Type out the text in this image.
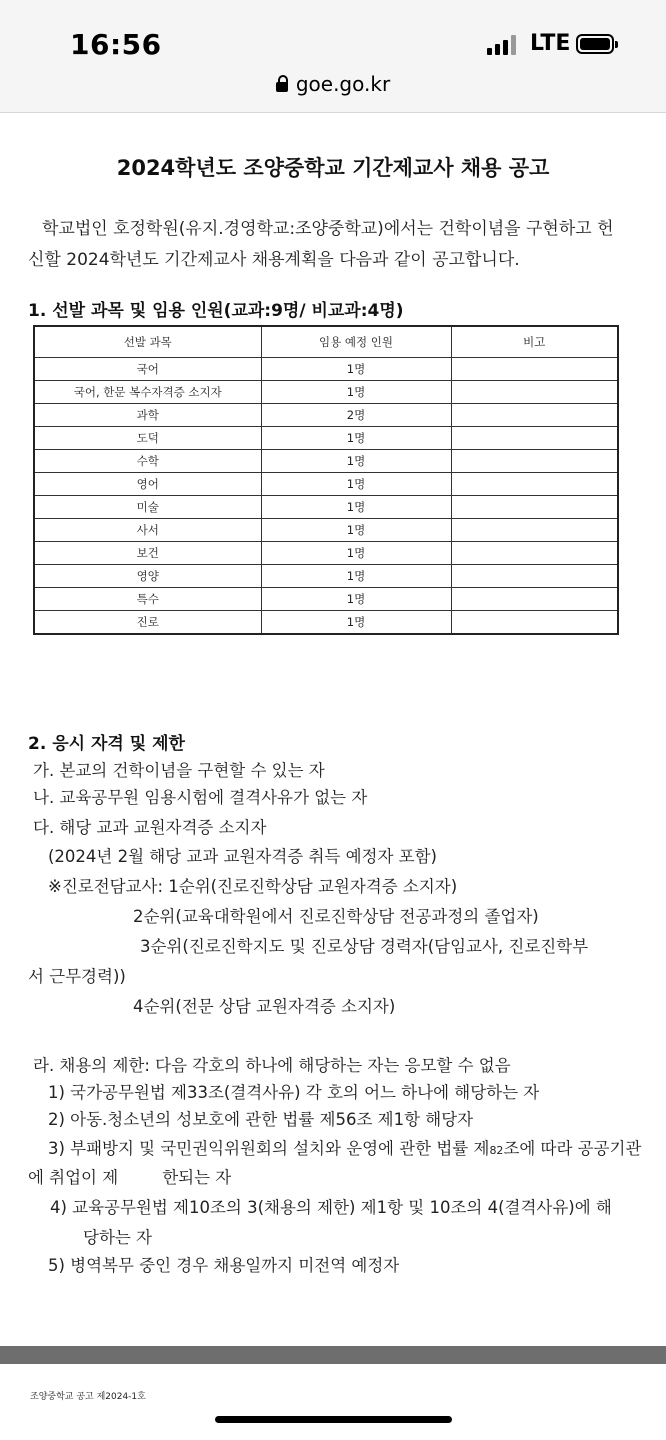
16:56	LTE
goe.go.kr
2024학년도 조양중학교 기간제교사 채용 공고
학교법인 호정학원(유지.경영학교:조양중학교)에서는 건학이념을 구현하고 헌
신할 2024학년도 기간제교사 채용계획을 다음과 같이 공고합니다.
1. 선발 과목 및 임용 인원(교과:9명/ 비교과:4명)
선발 과목	임용 예정 인원	비고
국어	1명	
국어, 한문 복수자격증 소지자	1명	
과학	2명	
도덕	1명	
수학	1명	
영어	1명	
미술	1명	
사서	1명	
보건	1명	
영양	1명	
특수	1명	
진로	1명	
2. 응시 자격 및 제한
가. 본교의 건학이념을 구현할 수 있는 자
나. 교육공무원 임용시험에 결격사유가 없는 자
다. 해당 교과 교원자격증 소지자
(2024년 2월 해당 교과 교원자격증 취득 예정자 포함)
※진로전담교사: 1순위(진로진학상담 교원자격증 소지자)
2순위(교육대학원에서 진로진학상담 전공과정의 졸업자)
3순위(진로진학지도 및 진로상담 경력자(담임교사, 진로진학부
서 근무경력))
4순위(전문 상담 교원자격증 소지자)
라. 채용의 제한: 다음 각호의 하나에 해당하는 자는 응모할 수 없음
1) 국가공무원법 제33조(결격사유) 각 호의 어느 하나에 해당하는 자
2) 아동.청소년의 성보호에 관한 법률 제56조 제1항 해당자
3) 부패방지 및 국민권익위원회의 설치와 운영에 관한 법률 제82조에 따라 공공기관
에 취업이 제	한되는 자
4) 교육공무원법 제10조의 3(채용의 제한) 제1항 및 10조의 4(결격사유)에 해
당하는 자
5) 병역복무 중인 경우 채용일까지 미전역 예정자
조양중학교 공고 제2024-1호
